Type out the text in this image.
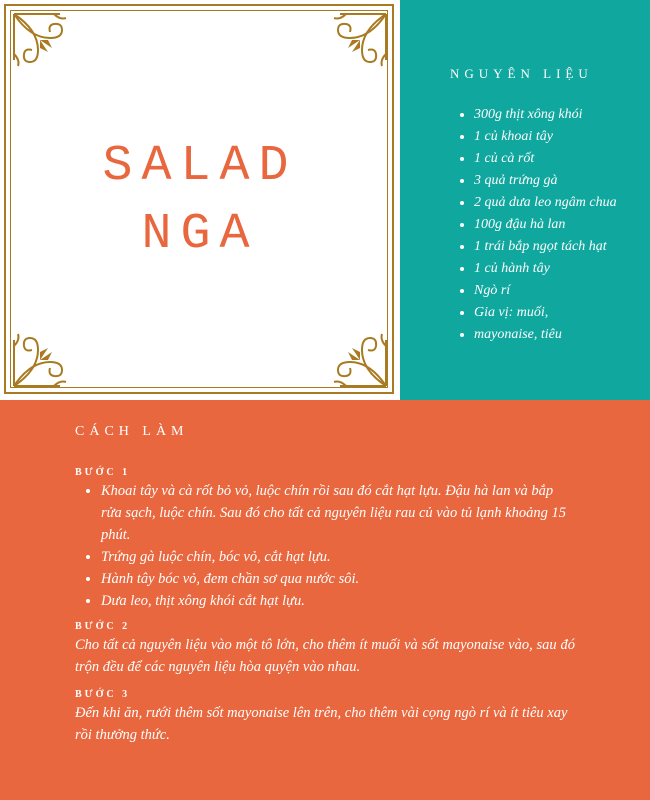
SALAD
NGA
NGUYÊN LIỆU
• 300g thịt xông khói
• 1 củ khoai tây
• 1 củ cà rốt
• 3 quả trứng gà
• 2 quả dưa leo ngâm chua
• 100g đậu hà lan
• 1 trái bắp ngọt tách hạt
• 1 củ hành tây
• Ngò rí
• Gia vị: muối,
• mayonaise, tiêu
CÁCH LÀM

BƯỚC 1

• Khoai tây và cà rốt bỏ vỏ, luộc chín rồi sau đó cắt hạt lựu. Đậu hà lan và bắp rửa sạch, luộc chín. Sau đó cho tất cả nguyên liệu rau củ vào tủ lạnh khoảng 15 phút.
• Trứng gà luộc chín, bóc vỏ, cắt hạt lựu.
• Hành tây bóc vỏ, đem chần sơ qua nước sôi.
• Dưa leo, thịt xông khói cắt hạt lựu.

BƯỚC 2

Cho tất cả nguyên liệu vào một tô lớn, cho thêm ít muối và sốt mayonaise vào, sau đó trộn đều để các nguyên liệu hòa quyện vào nhau.

BƯỚC 3

Đến khi ăn, rưới thêm sốt mayonaise lên trên, cho thêm vài cọng ngò rí và ít tiêu xay rồi thưởng thức.
